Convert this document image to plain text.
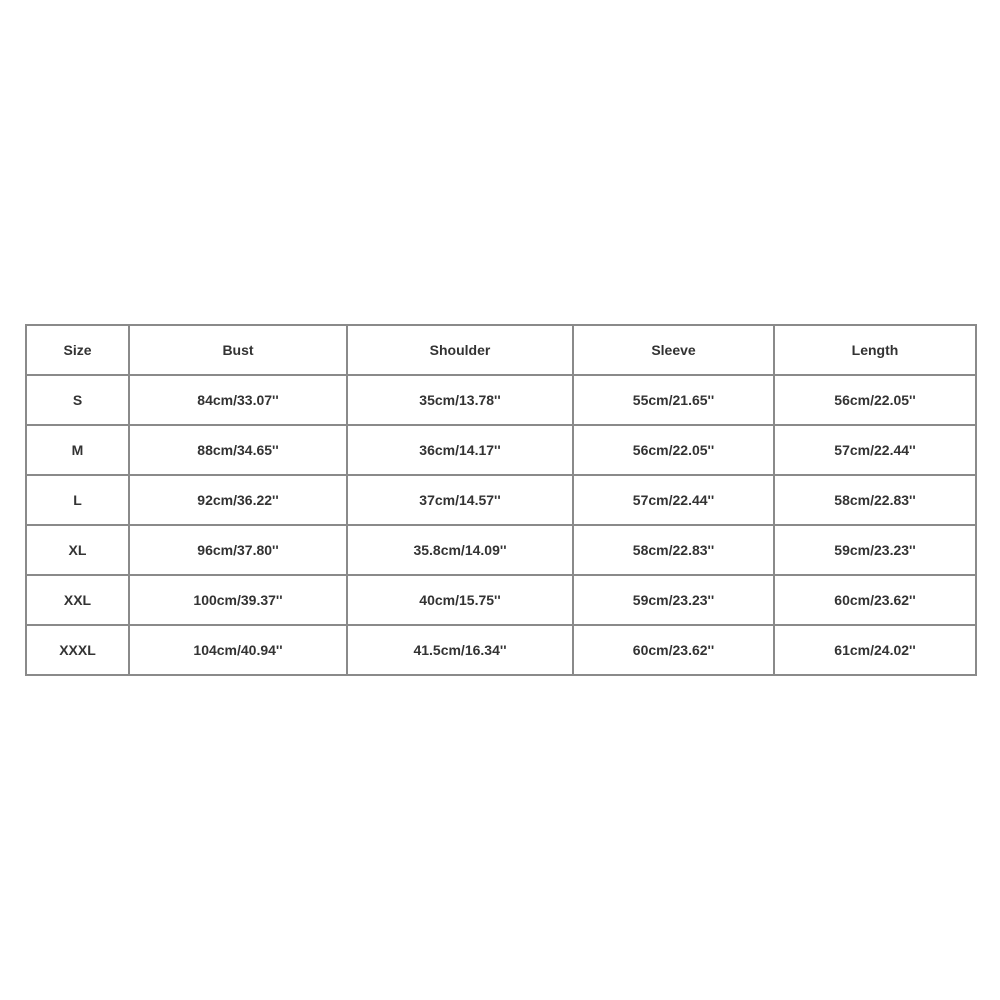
Size	Bust	Shoulder	Sleeve	Length
S	84cm/33.07''	35cm/13.78''	55cm/21.65''	56cm/22.05''
M	88cm/34.65''	36cm/14.17''	56cm/22.05''	57cm/22.44''
L	92cm/36.22''	37cm/14.57''	57cm/22.44''	58cm/22.83''
XL	96cm/37.80''	35.8cm/14.09''	58cm/22.83''	59cm/23.23''
XXL	100cm/39.37''	40cm/15.75''	59cm/23.23''	60cm/23.62''
XXXL	104cm/40.94''	41.5cm/16.34''	60cm/23.62''	61cm/24.02''
